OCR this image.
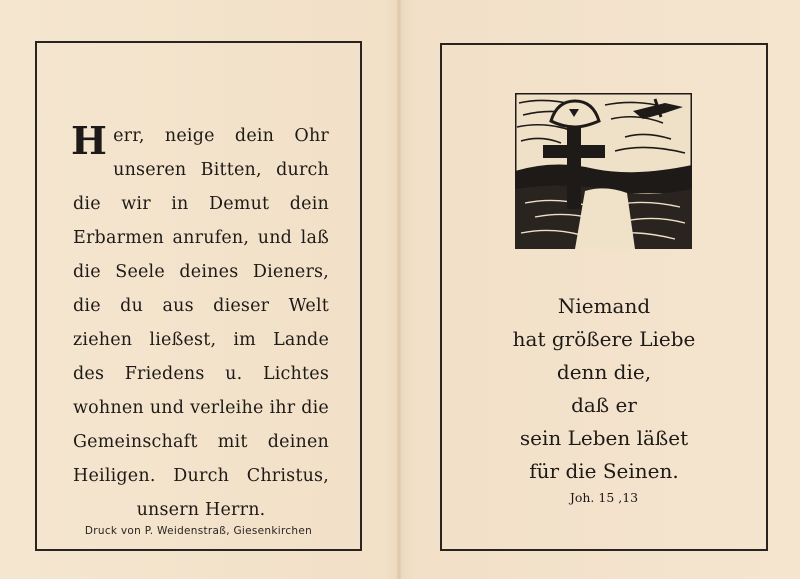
Herr, neige dein Ohr unseren Bitten, durch die wir in Demut dein Erbarmen anrufen, und laß die Seele deines Dieners, die du aus dieser Welt ziehen ließest, im Lande des Friedens u. Lichtes wohnen und verleihe ihr die Gemeinschaft mit deinen Heiligen. Durch Christus, unsern Herrn.
Druck von P. Weidenstraß, Giesenkirchen
Niemand
hat größere Liebe
denn die,
daß er
sein Leben läßet
für die Seinen.
Joh. 15 ,13
